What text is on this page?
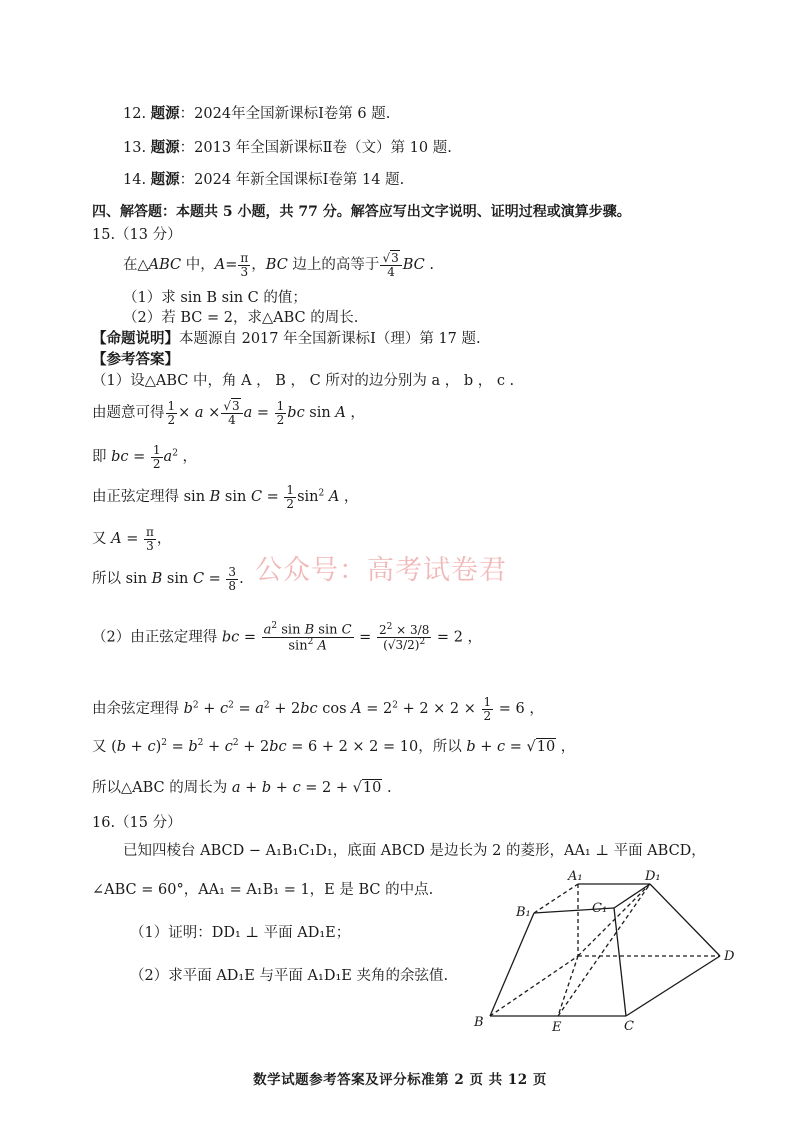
12. 题源：2024年全国新课标Ⅰ卷第 6 题.
13. 题源：2013 年全国新课标Ⅱ卷（文）第 10 题.
14. 题源：2024 年新全国课标Ⅰ卷第 14 题.
四、解答题：本题共 5 小题，共 77 分。解答应写出文字说明、证明过程或演算步骤。
15.（13 分）
在△ABC 中，$A= \frac{\pi}{3}$ ，BC 边上的高等于 $\frac{√3}{4}$ BC .
（1）求 sin B sin C 的值；
（2）若 BC = 2，求△ABC 的周长.
【命题说明】本题源自 2017 年全国新课标Ⅰ（理）第 17 题.
【参考答案】
（1）设△ABC 中，角 A ， B ， C 所对的边分别为 a ， b ， c .
由题意可得 $\frac{1}{2} \times a \times \frac{√3}{4}$ $a = \frac{1}{2}$ bc sin A ，
即 bc = $\frac{1}{2} a^2$ ，
由正弦定理得 sin B $\sin C = \frac{1}{2} \sin^2 A$ ，
又 $A = \frac{\pi}{3}$ ，
所以 sin B $\sin C = \frac{3}{8}$ .
（2）由正弦定理得 bc = $\frac{a^2 \sin B \sin C}{\sin^2 A} = \frac{2^2 \times 3/8}{(√3/2)^2} = 2$ ，
由余弦定理得 $b^2 + c^2 = a^2 + 2bc$ $\cos A = 2^2 + 2 \times 2 \times \frac{1}{2} = 6$ ，
又 $(b + c)^2 = b^2 + c^2 + 2bc = 6 + 2 \times 2 = 10$，所以 b + c = √10 ，
所以△ABC 的周长为 a + b + c = 2 + √10 .
16.（15 分）
已知四棱台 ABCD − A₁B₁C₁D₁，底面 ABCD 是边长为 2 的菱形，AA₁ ⊥ 平面 ABCD，
∠ABC = 60°，AA₁ = A₁B₁ = 1，E 是 BC 的中点.
（1）证明：DD₁ ⊥ 平面 AD₁E；
（2）求平面 AD₁E 与平面 A₁D₁E 夹角的余弦值.
A₁	D₁
B₁	C₁
D
B	E	C
公众号：高考试卷君
数学试题参考答案及评分标准第 2 页 共 12 页
